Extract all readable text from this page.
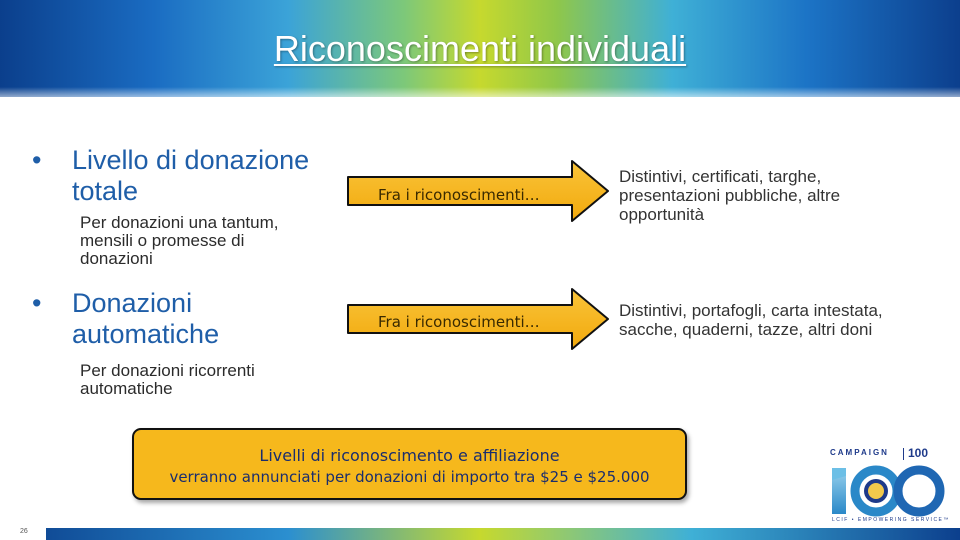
Riconoscimenti individuali
• Livello di donazione
totale
Per donazioni una tantum,
mensili o promesse di
donazioni
Fra i riconoscimenti…
Distintivi, certificati, targhe,
presentazioni pubbliche, altre
opportunità
• Donazioni
automatiche
Per donazioni ricorrenti
automatiche
Fra i riconoscimenti…
Distintivi, portafogli, carta intestata,
sacche, quaderni, tazze, altri doni
Livelli di riconoscimento e affiliazione
verranno annunciati per donazioni di importo tra $25 e $25.000
CAMPAIGN 100
LCIF • EMPOWERING SERVICE™
26
